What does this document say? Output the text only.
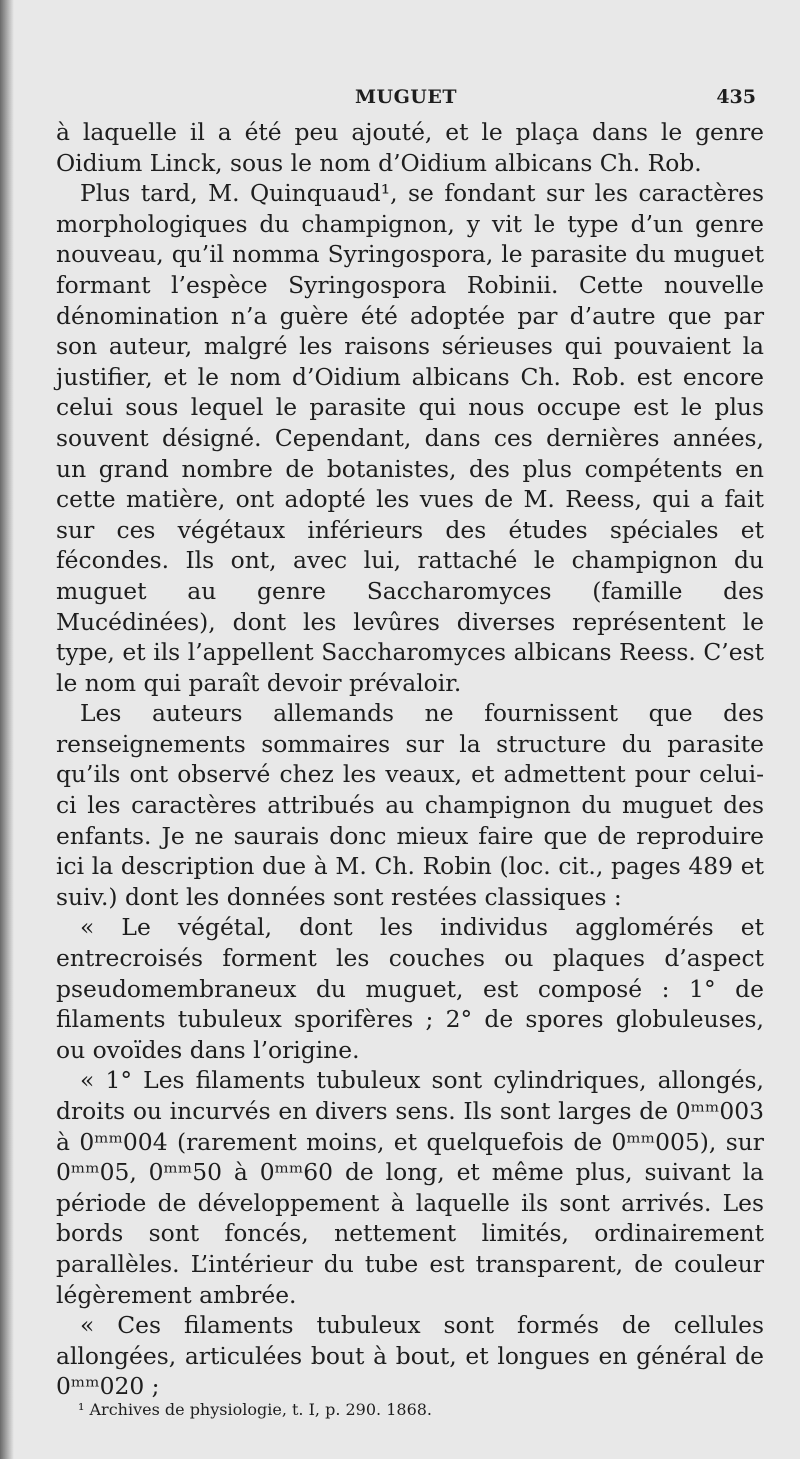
MUGUET	435

à laquelle il a été peu ajouté, et le plaça dans le genre Oidium Linck, sous le nom d’Oidium albicans Ch. Rob.

Plus tard, M. Quinquaud¹, se fondant sur les caractères morphologiques du champignon, y vit le type d’un genre nouveau, qu’il nomma Syringospora, le parasite du muguet formant l’espèce Syringospora Robinii. Cette nouvelle dénomination n’a guère été adoptée par d’autre que par son auteur, malgré les raisons sérieuses qui pouvaient la justifier, et le nom d’Oidium albicans Ch. Rob. est encore celui sous lequel le parasite qui nous occupe est le plus souvent désigné. Cependant, dans ces dernières années, un grand nombre de botanistes, des plus compétents en cette matière, ont adopté les vues de M. Reess, qui a fait sur ces végétaux inférieurs des études spéciales et fécondes. Ils ont, avec lui, rattaché le champignon du muguet au genre Saccharomyces (famille des Mucédinées), dont les levûres diverses représentent le type, et ils l’appellent Saccharomyces albicans Reess. C’est le nom qui paraît devoir prévaloir.

Les auteurs allemands ne fournissent que des renseignements sommaires sur la structure du parasite qu’ils ont observé chez les veaux, et admettent pour celui-ci les caractères attribués au champignon du muguet des enfants. Je ne saurais donc mieux faire que de reproduire ici la description due à M. Ch. Robin (loc. cit., pages 489 et suiv.) dont les données sont restées classiques :

« Le végétal, dont les individus agglomérés et entrecroisés forment les couches ou plaques d’aspect pseudomembraneux du muguet, est composé : 1° de filaments tubuleux sporifères ; 2° de spores globuleuses, ou ovoïdes dans l’origine.

« 1° Les filaments tubuleux sont cylindriques, allongés, droits ou incurvés en divers sens. Ils sont larges de 0ᵐᵐ003 à 0ᵐᵐ004 (rarement moins, et quelquefois de 0ᵐᵐ005), sur 0ᵐᵐ05, 0ᵐᵐ50 à 0ᵐᵐ60 de long, et même plus, suivant la période de développement à laquelle ils sont arrivés. Les bords sont foncés, nettement limités, ordinairement parallèles. L’intérieur du tube est transparent, de couleur légèrement ambrée.

« Ces filaments tubuleux sont formés de cellules allongées, articulées bout à bout, et longues en général de 0ᵐᵐ020 ;

¹ Archives de physiologie, t. I, p. 290. 1868.
